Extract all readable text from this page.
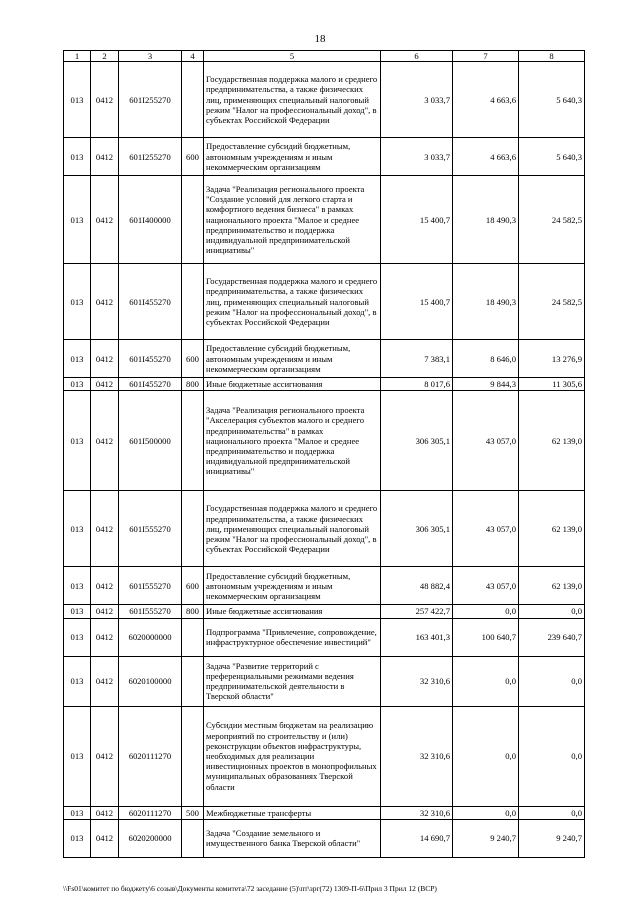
18
1	2	3	4	5	6	7	8
013	0412	601I255270		Государственная поддержка малого и среднего предпринимательства, а также физических лиц, применяющих специальный налоговый режим "Налог на профессиональный доход", в субъектах Российской Федерации	3 033,7	4 663,6	5 640,3
013	0412	601I255270	600	Предоставление субсидий бюджетным, автономным учреждениям и иным некоммерческим организациям	3 033,7	4 663,6	5 640,3
013	0412	601I400000		Задача "Реализация регионального проекта "Создание условий для легкого старта и комфортного ведения бизнеса" в рамках национального проекта "Малое и среднее предпринимательство и поддержка индивидуальной предпринимательской инициативы"	15 400,7	18 490,3	24 582,5
013	0412	601I455270		Государственная поддержка малого и среднего предпринимательства, а также физических лиц, применяющих специальный налоговый режим "Налог на профессиональный доход", в субъектах Российской Федерации	15 400,7	18 490,3	24 582,5
013	0412	601I455270	600	Предоставление субсидий бюджетным, автономным учреждениям и иным некоммерческим организациям	7 383,1	8 646,0	13 276,9
013	0412	601I455270	800	Иные бюджетные ассигнования	8 017,6	9 844,3	11 305,6
013	0412	601I500000		Задача "Реализация регионального проекта "Акселерация субъектов малого и среднего предпринимательства" в рамках национального проекта "Малое и среднее предпринимательство и поддержка индивидуальной предпринимательской инициативы"	306 305,1	43 057,0	62 139,0
013	0412	601I555270		Государственная поддержка малого и среднего предпринимательства, а также физических лиц, применяющих специальный налоговый режим "Налог на профессиональный доход", в субъектах Российской Федерации	306 305,1	43 057,0	62 139,0
013	0412	601I555270	600	Предоставление субсидий бюджетным, автономным учреждениям и иным некоммерческим организациям	48 882,4	43 057,0	62 139,0
013	0412	601I555270	800	Иные бюджетные ассигнования	257 422,7	0,0	0,0
013	0412	6020000000		Подпрограмма "Привлечение, сопровождение, инфраструктурное обеспечение инвестиций"	163 401,3	100 640,7	239 640,7
013	0412	6020100000		Задача "Развитие территорий с преференциальными режимами ведения предпринимательской деятельности в Тверской области"	32 310,6	0,0	0,0
013	0412	6020111270		Субсидии местным бюджетам на реализацию мероприятий по строительству и (или) реконструкции объектов инфраструктуры, необходимых для реализации инвестиционных проектов в монопрофильных муниципальных образованиях Тверской области	32 310,6	0,0	0,0
013	0412	6020111270	500	Межбюджетные трансферты	32 310,6	0,0	0,0
013	0412	6020200000		Задача "Создание земельного и имущественного банка Тверской области"	14 690,7	9 240,7	9 240,7
\\Fs01\комитет по бюджету\6 созыв\Документы комитета\72 заседание (5)\пт\зрг(72) 1309-П-6\Прил 3 Прил 12 (ВСР)
